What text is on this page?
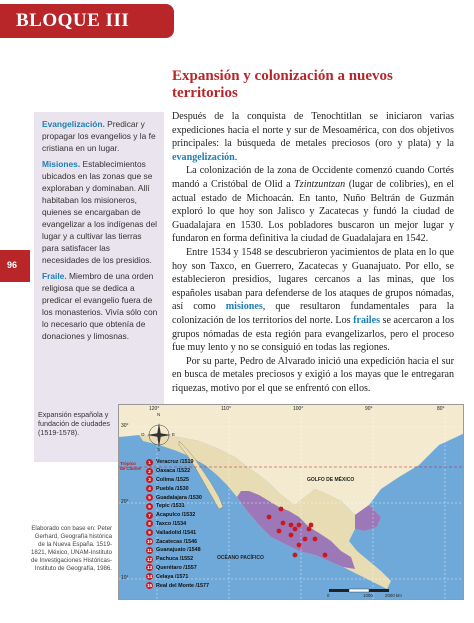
BLOQUE III
96
Expansión y colonización a nuevos territorios
Evangelización. Predicar y propagar los evangelios y la fe cristiana en un lugar.
Misiones. Establecimientos ubicados en las zonas que se exploraban y dominaban. Allí habitaban los misioneros, quienes se encargaban de evangelizar a los indígenas del lugar y a cultivar las tierras para satisfacer las necesidades de los presidios.
Fraile. Miembro de una orden religiosa que se dedica a predicar el evangelio fuera de los monasterios. Vivía sólo con lo necesario que obtenía de donaciones y limosnas.

Después de la conquista de Tenochtitlan se iniciaron varias expediciones hacia el norte y sur de Mesoamérica, con dos objetivos principales: la búsqueda de metales preciosos (oro y plata) y la evangelización.

La colonización de la zona de Occidente comenzó cuando Cortés mandó a Cristóbal de Olid a Tzintzuntzan (lugar de colibríes), en el actual estado de Michoacán. En tanto, Nuño Beltrán de Guzmán exploró lo que hoy son Jalisco y Zacatecas y fundó la ciudad de Guadalajara en 1530. Los pobladores buscaron un mejor lugar y fundaron en forma definitiva la ciudad de Guadalajara en 1542.

Entre 1534 y 1548 se descubrieron yacimientos de plata en lo que hoy son Taxco, en Guerrero, Zacatecas y Guanajuato. Por ello, se establecieron presidios, lugares cercanos a las minas, que los españoles usaban para defenderse de los ataques de grupos nómadas, así como misiones, que resultaron fundamentales para la colonización de los territorios del norte. Los frailes se acercaron a los grupos nómadas de esta región para evangelizarlos, pero el proceso fue muy lento y no se consiguió en todas las regiones.

Por su parte, Pedro de Alvarado inició una expedición hacia el sur en busca de metales preciosos y exigió a los mayas que le entregaran riquezas, motivo por el que se enfrentó con ellos.

Expansión española y fundación de ciudades (1519-1578).
Elaborado con base en: Peter Gerhard, Geografía histórica de la Nueva España. 1519-1821, México, UNAM-Instituto de Investigaciones Históricas-Instituto de Geografía, 1986.
120°	110°	100°	90°	80°
30°
20°
10°
Trópico de Cáncer
GOLFO DE MÉXICO
OCÉANO PACÍFICO
N
S
E
O
0	1000	2000 km
1 Veracruz /1519
2 Oaxaca /1522
3 Colima /1525
4 Puebla /1530
5 Guadalajara /1530
6 Tepic /1531
7 Acapulco /1532
8 Taxco /1534
9 Valladolid /1541
10 Zacatecas /1546
11 Guanajuato /1548
12 Pachuca /1552
13 Querétaro /1557
14 Celaya /1571
15 Real del Monte /1577
